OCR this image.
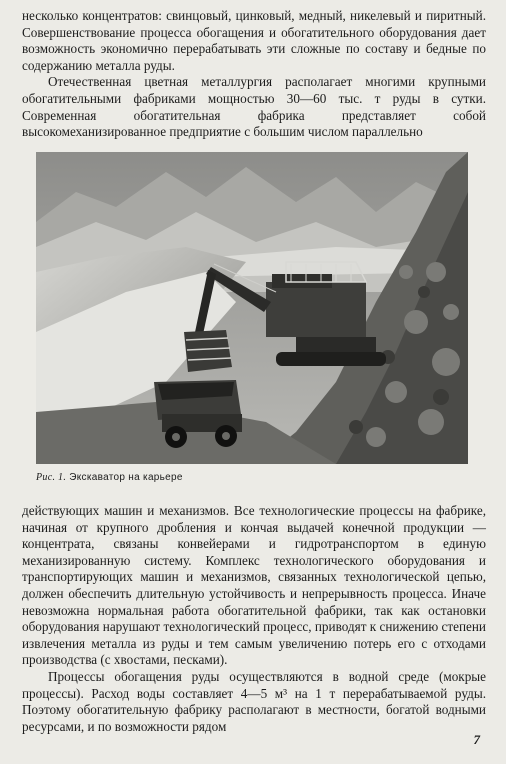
несколько концентратов: свинцовый, цинковый, медный, никелевый и пиритный. Совершенствование процесса обогащения и обогатительного оборудования дает возможность экономично перерабатывать эти сложные по составу и бедные по содержанию металла руды.

Отечественная цветная металлургия располагает многими крупными обогатительными фабриками мощностью 30—60 тыс. т руды в сутки. Современная обогатительная фабрика представляет собой высокомеханизированное предприятие с большим числом параллельно

Рис. 1. Экскаватор на карьере

действующих машин и механизмов. Все технологические процессы на фабрике, начиная от крупного дробления и кончая выдачей конечной продукции — концентрата, связаны конвейерами и гидротранспортом в единую механизированную систему. Комплекс технологического оборудования и транспортирующих машин и механизмов, связанных технологической цепью, должен обеспечить длительную устойчивость и непрерывность процесса. Иначе невозможна нормальная работа обогатительной фабрики, так как остановки оборудования нарушают технологический процесс, приводят к снижению степени извлечения металла из руды и тем самым увеличению потерь его с отходами производства (с хвостами, песками).

Процессы обогащения руды осуществляются в водной среде (мокрые процессы). Расход воды составляет 4—5 м³ на 1 т перерабатываемой руды. Поэтому обогатительную фабрику располагают в местности, богатой водными ресурсами, и по возможности рядом

7
